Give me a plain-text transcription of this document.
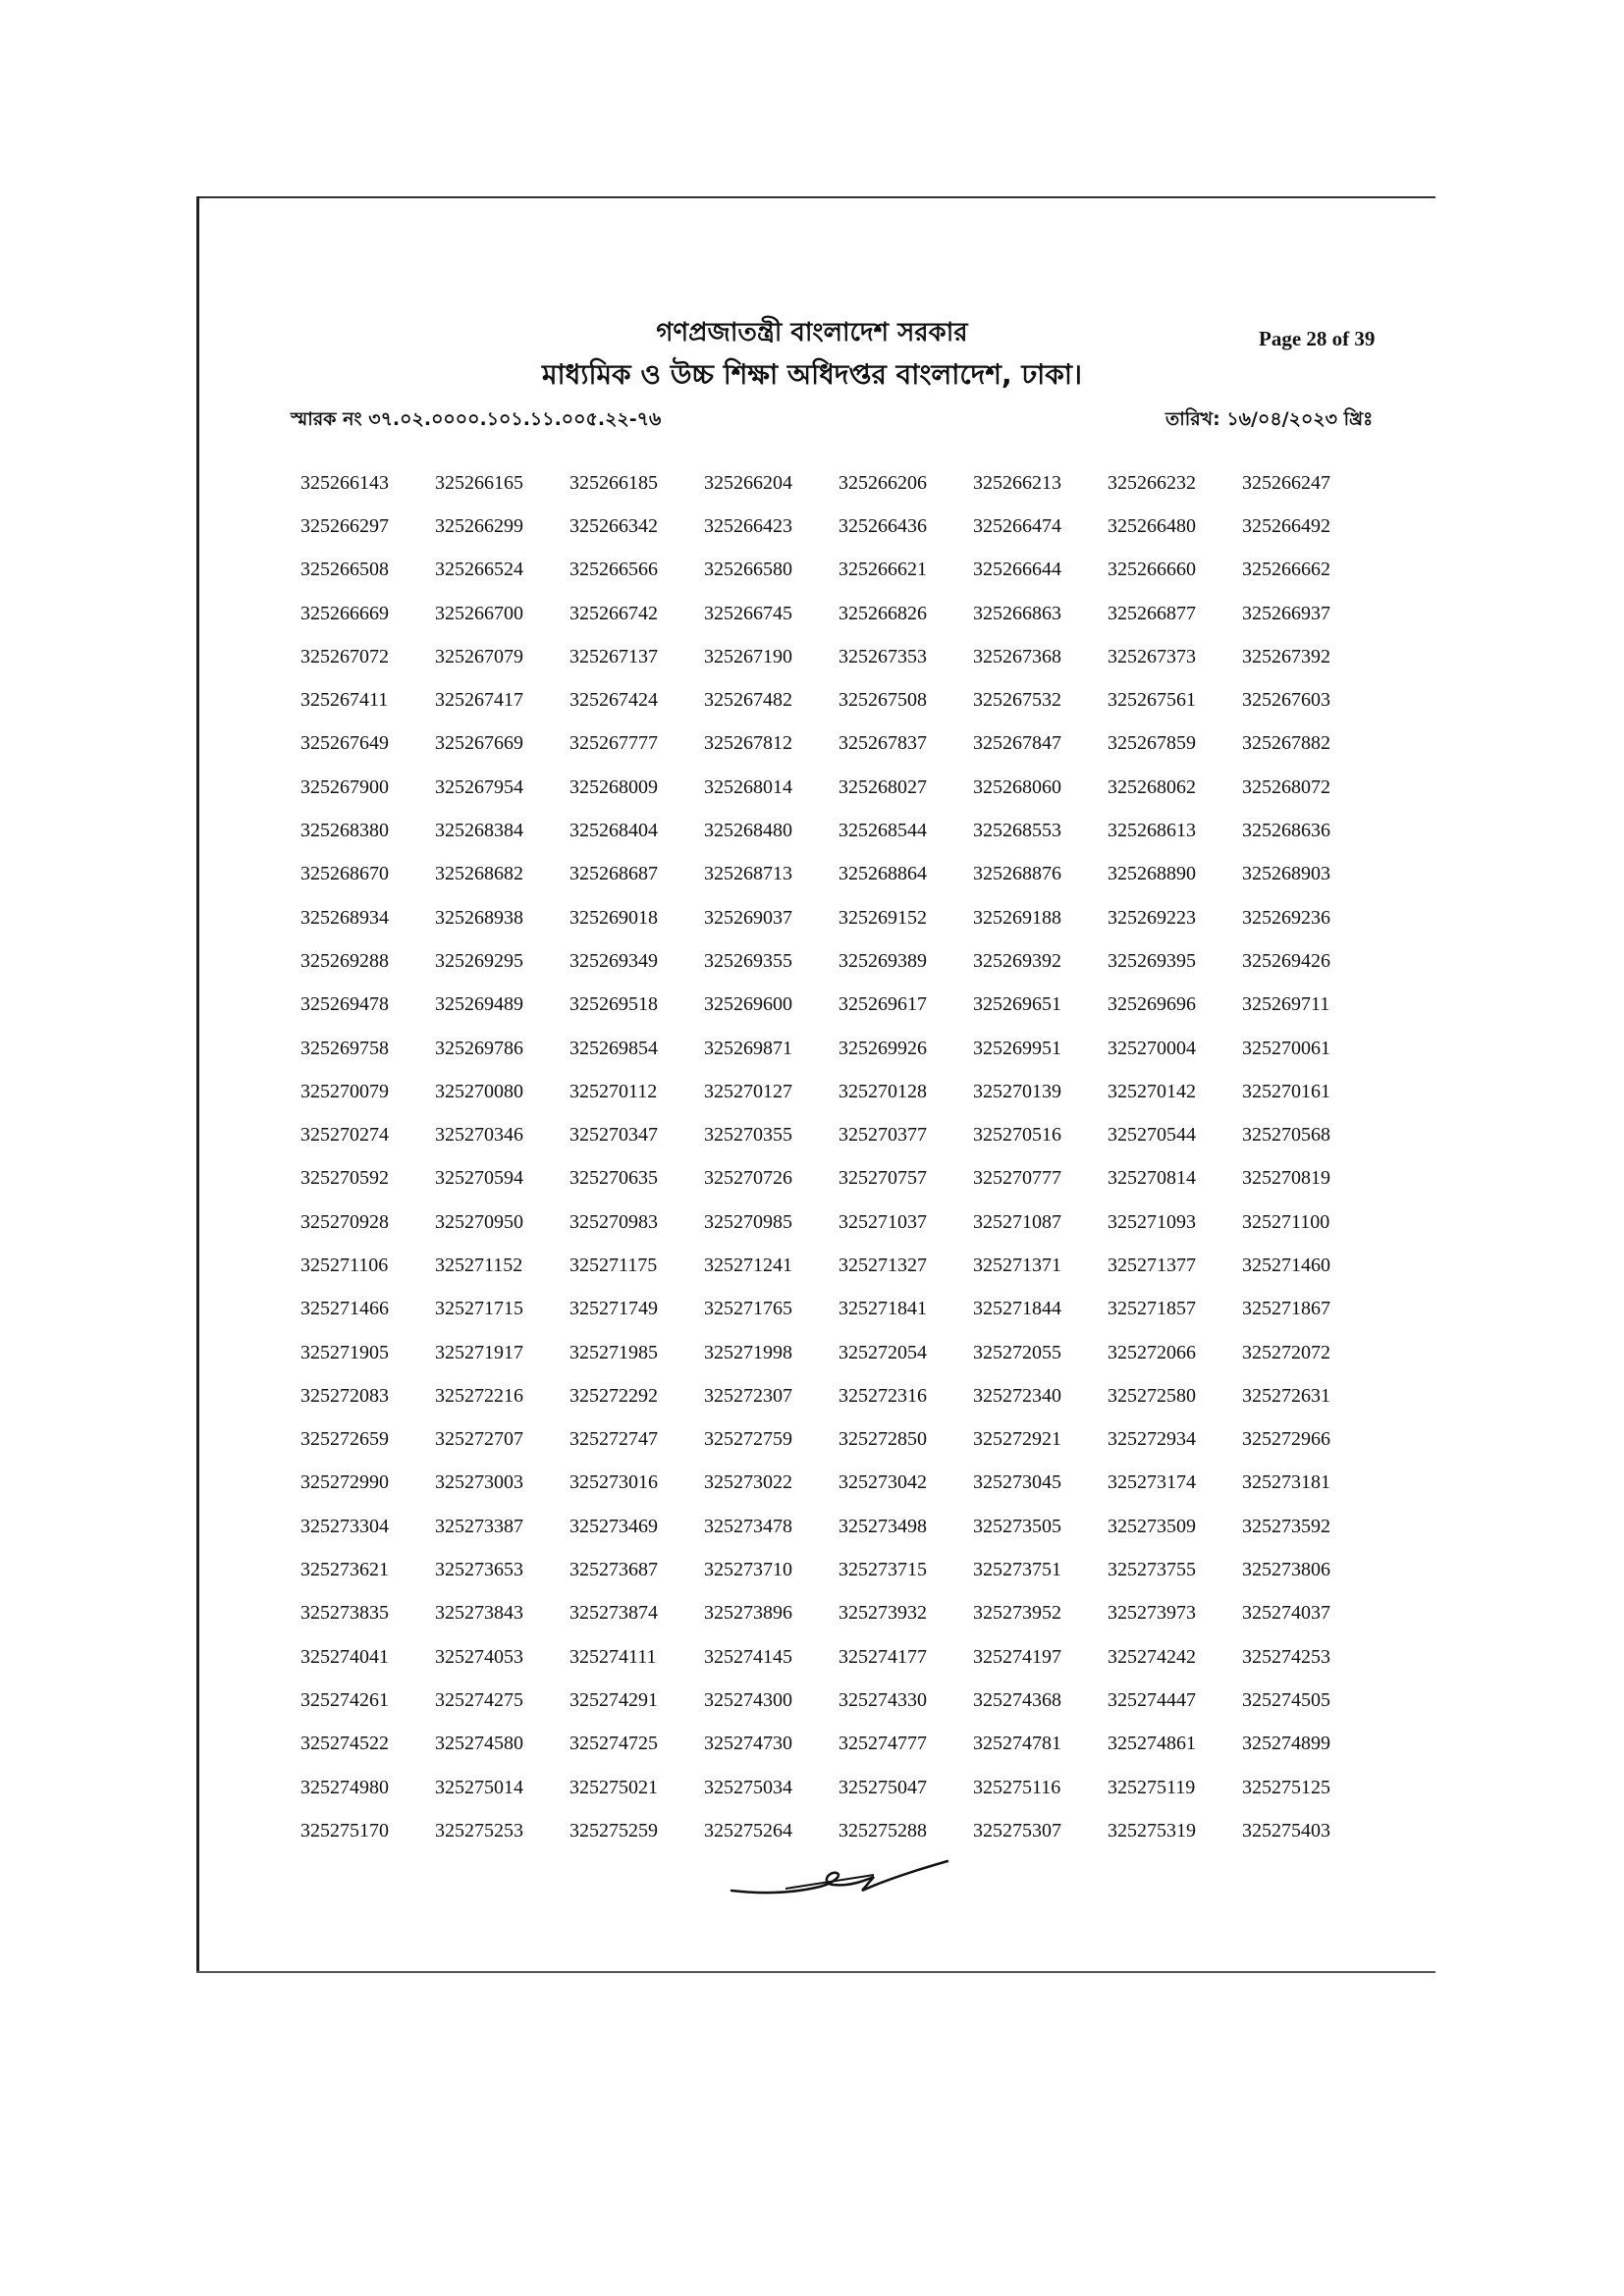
গণপ্রজাতন্ত্রী বাংলাদেশ সরকার
মাধ্যমিক ও উচ্চ শিক্ষা অধিদপ্তর বাংলাদেশ, ঢাকা।
Page 28 of 39
স্মারক নং ৩৭.০২.০০০০.১০১.১১.০০৫.২২-৭৬	তারিখ: ১৬/০৪/২০২৩ খ্রিঃ
325266143	325266165	325266185	325266204	325266206	325266213	325266232	325266247
325266297	325266299	325266342	325266423	325266436	325266474	325266480	325266492
325266508	325266524	325266566	325266580	325266621	325266644	325266660	325266662
325266669	325266700	325266742	325266745	325266826	325266863	325266877	325266937
325267072	325267079	325267137	325267190	325267353	325267368	325267373	325267392
325267411	325267417	325267424	325267482	325267508	325267532	325267561	325267603
325267649	325267669	325267777	325267812	325267837	325267847	325267859	325267882
325267900	325267954	325268009	325268014	325268027	325268060	325268062	325268072
325268380	325268384	325268404	325268480	325268544	325268553	325268613	325268636
325268670	325268682	325268687	325268713	325268864	325268876	325268890	325268903
325268934	325268938	325269018	325269037	325269152	325269188	325269223	325269236
325269288	325269295	325269349	325269355	325269389	325269392	325269395	325269426
325269478	325269489	325269518	325269600	325269617	325269651	325269696	325269711
325269758	325269786	325269854	325269871	325269926	325269951	325270004	325270061
325270079	325270080	325270112	325270127	325270128	325270139	325270142	325270161
325270274	325270346	325270347	325270355	325270377	325270516	325270544	325270568
325270592	325270594	325270635	325270726	325270757	325270777	325270814	325270819
325270928	325270950	325270983	325270985	325271037	325271087	325271093	325271100
325271106	325271152	325271175	325271241	325271327	325271371	325271377	325271460
325271466	325271715	325271749	325271765	325271841	325271844	325271857	325271867
325271905	325271917	325271985	325271998	325272054	325272055	325272066	325272072
325272083	325272216	325272292	325272307	325272316	325272340	325272580	325272631
325272659	325272707	325272747	325272759	325272850	325272921	325272934	325272966
325272990	325273003	325273016	325273022	325273042	325273045	325273174	325273181
325273304	325273387	325273469	325273478	325273498	325273505	325273509	325273592
325273621	325273653	325273687	325273710	325273715	325273751	325273755	325273806
325273835	325273843	325273874	325273896	325273932	325273952	325273973	325274037
325274041	325274053	325274111	325274145	325274177	325274197	325274242	325274253
325274261	325274275	325274291	325274300	325274330	325274368	325274447	325274505
325274522	325274580	325274725	325274730	325274777	325274781	325274861	325274899
325274980	325275014	325275021	325275034	325275047	325275116	325275119	325275125
325275170	325275253	325275259	325275264	325275288	325275307	325275319	325275403
